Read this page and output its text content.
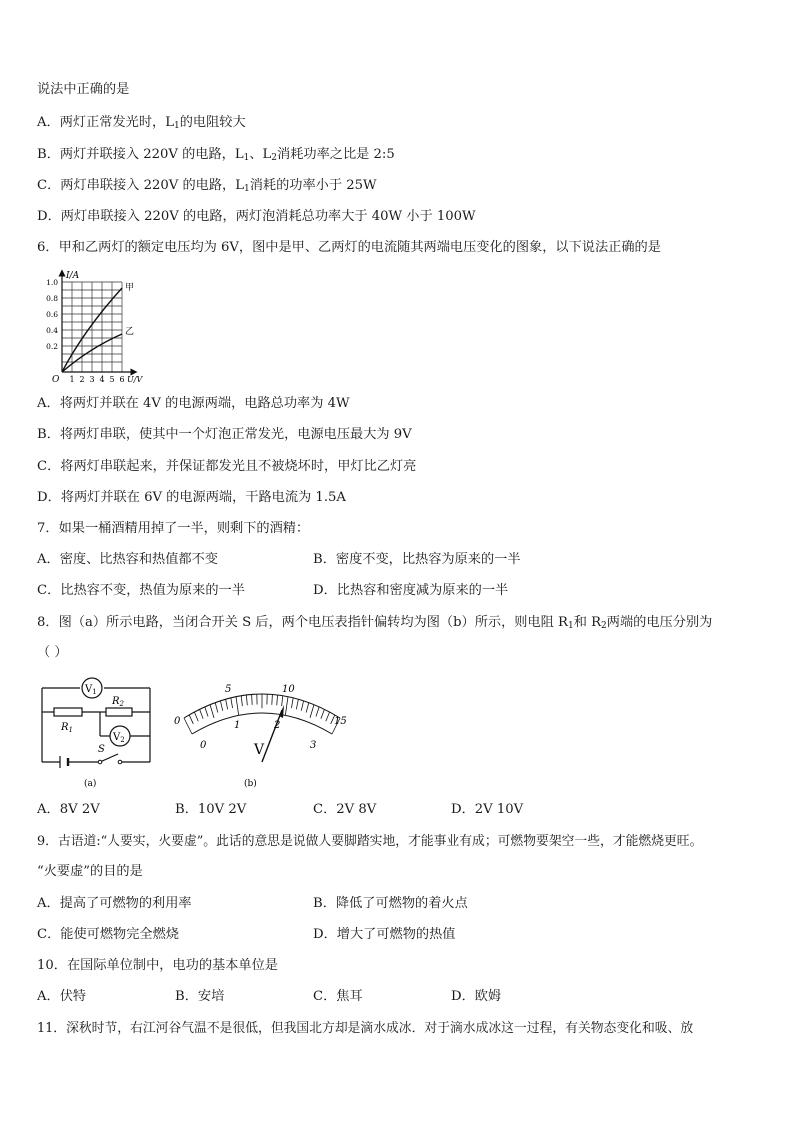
说法中正确的是
A．两灯正常发光时，$L_1$的电阻较大
B．两灯并联接入 220V 的电路，$L_1$、$L_2$消耗功率之比是 2:5
C．两灯串联接入 220V 的电路，$L_1$消耗的功率小于 25W
D．两灯串联接入 220V 的电路，两灯泡消耗总功率大于 40W 小于 100W
6．甲和乙两灯的额定电压均为 6V，图中是甲、乙两灯的电流随其两端电压变化的图象，以下说法正确的是
I/A
甲
乙
1.0
0.8
0.6
0.4
0.2
O 1 2 3 4 5 6 U/V
A．将两灯并联在 4V 的电源两端，电路总功率为 4W
B．将两灯串联，使其中一个灯泡正常发光，电源电压最大为 9V
C．将两灯串联起来，并保证都发光且不被烧坏时，甲灯比乙灯亮
D．将两灯并联在 6V 的电源两端，干路电流为 1.5A
7．如果一桶酒精用掉了一半，则剩下的酒精：
A．密度、比热容和热值都不变	B．密度不变，比热容为原来的一半
C．比热容不变，热值为原来的一半	D．比热容和密度减为原来的一半
8．图（a）所示电路，当闭合开关 S 后，两个电压表指针偏转均为图（b）所示，则电阻 $R_1$和 $R_2$两端的电压分别为
（ ）
$V_1$
$V_2$
$R_1$
$R_2$
S
(a)
0
5	10
15
0
1	2
3
V
(b)
A．8V 2V	B．10V 2V	C．2V 8V	D．2V 10V
9．古语道:“人要实，火要虚”。此话的意思是说做人要脚踏实地，才能事业有成；可燃物要架空一些，才能燃烧更旺。
“火要虚”的目的是
A．提高了可燃物的利用率	B．降低了可燃物的着火点
C．能使可燃物完全燃烧	D．增大了可燃物的热值
10．在国际单位制中，电功的基本单位是
A．伏特	B．安培	C．焦耳	D．欧姆
11．深秋时节，右江河谷气温不是很低，但我国北方却是滴水成冰．对于滴水成冰这一过程，有关物态变化和吸、放
